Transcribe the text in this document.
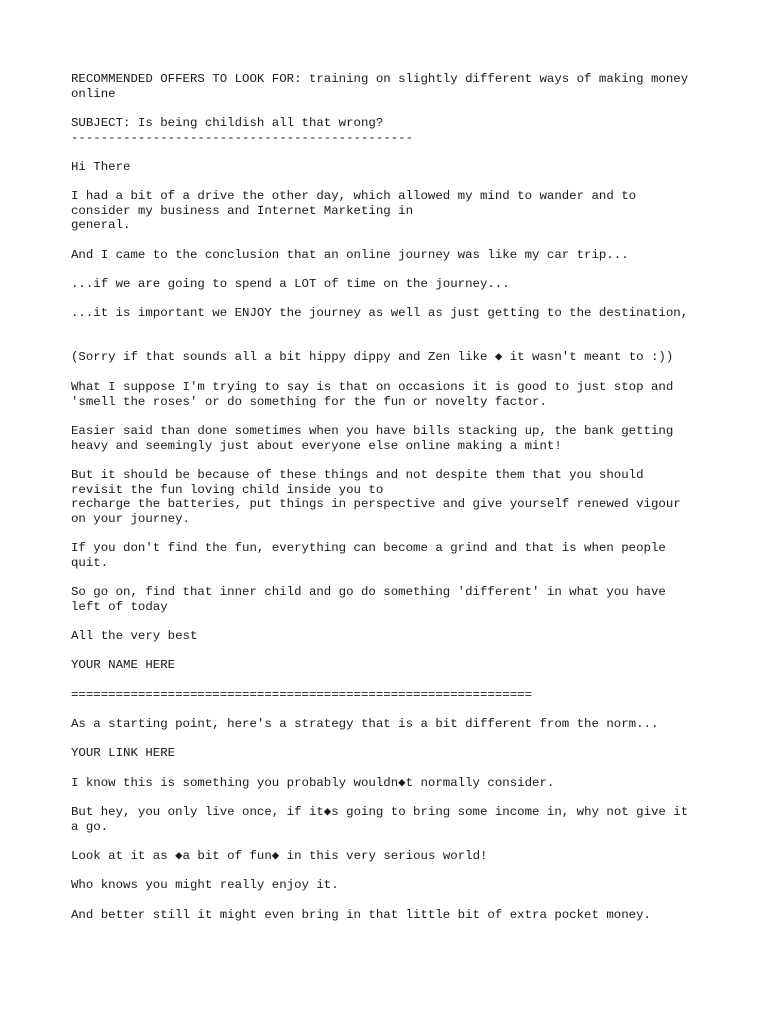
RECOMMENDED OFFERS TO LOOK FOR: training on slightly different ways of making money

online

SUBJECT: Is being childish all that wrong?

----------------------------------------------

Hi There

I had a bit of a drive the other day, which allowed my mind to wander and to

consider my business and Internet Marketing in

general.

And I came to the conclusion that an online journey was like my car trip...

...if we are going to spend a LOT of time on the journey...

...it is important we ENJOY the journey as well as just getting to the destination,

(Sorry if that sounds all a bit hippy dippy and Zen like ◆ it wasn't meant to :))

What I suppose I'm trying to say is that on occasions it is good to just stop and

'smell the roses' or do something for the fun or novelty factor.

Easier said than done sometimes when you have bills stacking up, the bank getting

heavy and seemingly just about everyone else online making a mint!

But it should be because of these things and not despite them that you should

revisit the fun loving child inside you to

recharge the batteries, put things in perspective and give yourself renewed vigour

on your journey.

If you don't find the fun, everything can become a grind and that is when people

quit.

So go on, find that inner child and go do something 'different' in what you have

left of today

All the very best

YOUR NAME HERE

==============================================================

As a starting point, here's a strategy that is a bit different from the norm...

YOUR LINK HERE

I know this is something you probably wouldn◆t normally consider.

But hey, you only live once, if it◆s going to bring some income in, why not give it

a go.

Look at it as ◆a bit of fun◆ in this very serious world!

Who knows you might really enjoy it.

And better still it might even bring in that little bit of extra pocket money.
